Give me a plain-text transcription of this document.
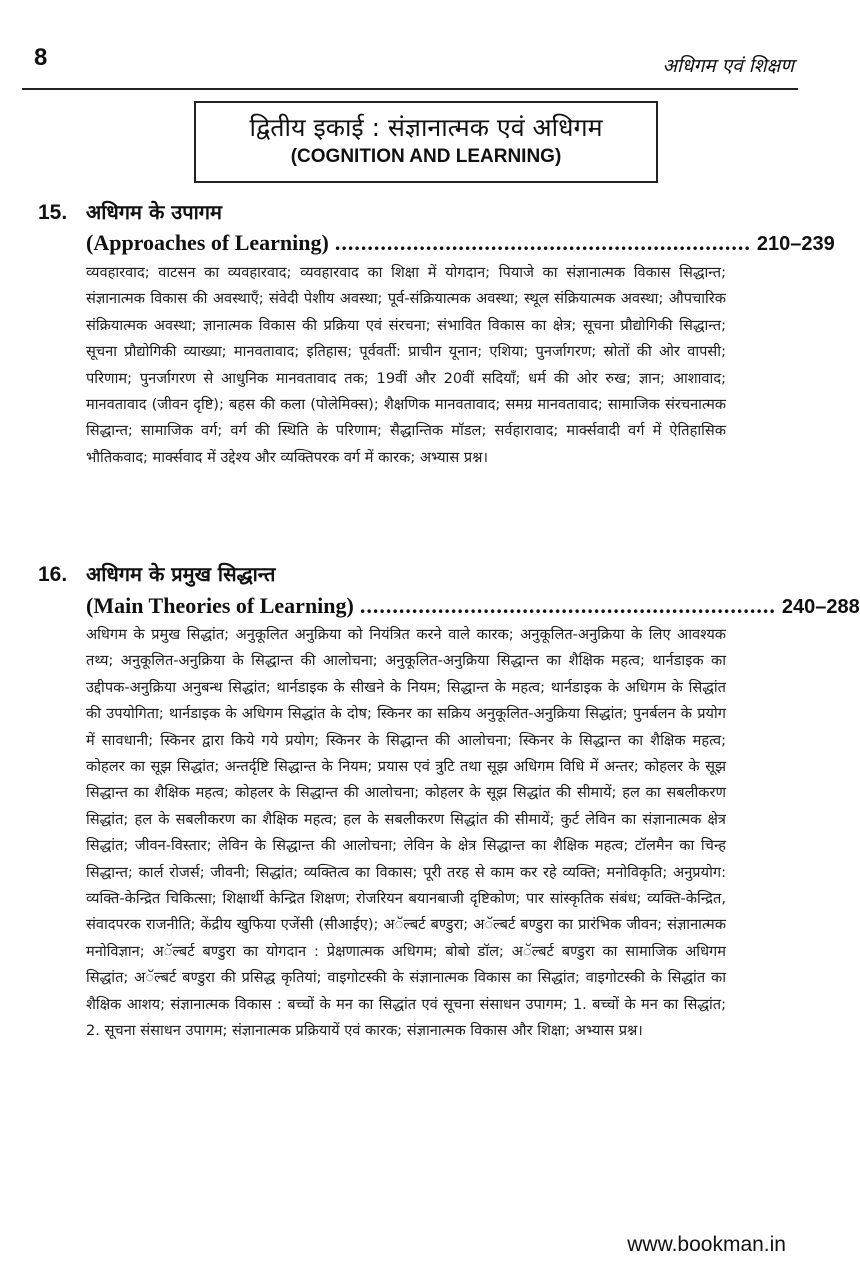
8	अधिगम एवं शिक्षण
द्वितीय इकाई : संज्ञानात्मक एवं अधिगम
(COGNITION AND LEARNING)
15. अधिगम के उपागम
(Approaches of Learning) ................................................................ 210–239
व्यवहारवाद; वाटसन का व्यवहारवाद; व्यवहारवाद का शिक्षा में योगदान; पियाजे का संज्ञानात्मक विकास सिद्धान्त; संज्ञानात्मक विकास की अवस्थाएँ; संवेदी पेशीय अवस्था; पूर्व-संक्रियात्मक अवस्था; स्थूल संक्रियात्मक अवस्था; औपचारिक संक्रियात्मक अवस्था; ज्ञानात्मक विकास की प्रक्रिया एवं संरचना; संभावित विकास का क्षेत्र; सूचना प्रौद्योगिकी सिद्धान्त; सूचना प्रौद्योगिकी व्याख्या; मानवतावाद; इतिहास; पूर्ववर्ती: प्राचीन यूनान; एशिया; पुनर्जागरण; स्रोतों की ओर वापसी; परिणाम; पुनर्जागरण से आधुनिक मानवतावाद तक; 19वीं और 20वीं सदियाँ; धर्म की ओर रुख; ज्ञान; आशावाद; मानवतावाद (जीवन दृष्टि); बहस की कला (पोलेमिक्स); शैक्षणिक मानवतावाद; समग्र मानवतावाद; सामाजिक संरचनात्मक सिद्धान्त; सामाजिक वर्ग; वर्ग की स्थिति के परिणाम; सैद्धान्तिक मॉडल; सर्वहारावाद; मार्क्सवादी वर्ग में ऐतिहासिक भौतिकवाद; मार्क्सवाद में उद्देश्य और व्यक्तिपरक वर्ग में कारक; अभ्यास प्रश्न।
16. अधिगम के प्रमुख सिद्धान्त
(Main Theories of Learning) ................................................................ 240–288
अधिगम के प्रमुख सिद्धांत; अनुकूलित अनुक्रिया को नियंत्रित करने वाले कारक; अनुकूलित-अनुक्रिया के लिए आवश्यक तथ्य; अनुकूलित-अनुक्रिया के सिद्धान्त की आलोचना; अनुकूलित-अनुक्रिया सिद्धान्त का शैक्षिक महत्व; थार्नडाइक का उद्दीपक-अनुक्रिया अनुबन्ध सिद्धांत; थार्नडाइक के सीखने के नियम; सिद्धान्त के महत्व; थार्नडाइक के अधिगम के सिद्धांत की उपयोगिता; थार्नडाइक के अधिगम सिद्धांत के दोष; स्किनर का सक्रिय अनुकूलित-अनुक्रिया सिद्धांत; पुनर्बलन के प्रयोग में सावधानी; स्किनर द्वारा किये गये प्रयोग; स्किनर के सिद्धान्त की आलोचना; स्किनर के सिद्धान्त का शैक्षिक महत्व; कोहलर का सूझ सिद्धांत; अन्तर्दृष्टि सिद्धान्त के नियम; प्रयास एवं त्रुटि तथा सूझ अधिगम विधि में अन्तर; कोहलर के सूझ सिद्धान्त का शैक्षिक महत्व; कोहलर के सिद्धान्त की आलोचना; कोहलर के सूझ सिद्धांत की सीमायें; हल का सबलीकरण सिद्धांत; हल के सबलीकरण का शैक्षिक महत्व; हल के सबलीकरण सिद्धांत की सीमायें; कुर्ट लेविन का संज्ञानात्मक क्षेत्र सिद्धांत; जीवन-विस्तार; लेविन के सिद्धान्त की आलोचना; लेविन के क्षेत्र सिद्धान्त का शैक्षिक महत्व; टॉलमैन का चिन्ह सिद्धान्त; कार्ल रोजर्स; जीवनी; सिद्धांत; व्यक्तित्व का विकास; पूरी तरह से काम कर रहे व्यक्ति; मनोविकृति; अनुप्रयोग: व्यक्ति-केन्द्रित चिकित्सा; शिक्षार्थी केन्द्रित शिक्षण; रोजरियन बयानबाजी दृष्टिकोण; पार सांस्कृतिक संबंध; व्यक्ति-केन्द्रित, संवादपरक राजनीति; केंद्रीय खुफिया एजेंसी (सीआईए); अॅल्बर्ट बण्डुरा; अॅल्बर्ट बण्डुरा का प्रारंभिक जीवन; संज्ञानात्मक मनोविज्ञान; अॅल्बर्ट बण्डुरा का योगदान : प्रेक्षणात्मक अधिगम; बोबो डॉल; अॅल्बर्ट बण्डुरा का सामाजिक अधिगम सिद्धांत; अॅल्बर्ट बण्डुरा की प्रसिद्ध कृतियां; वाइगोटस्की के संज्ञानात्मक विकास का सिद्धांत; वाइगोटस्की के सिद्धांत का शैक्षिक आशय; संज्ञानात्मक विकास : बच्चों के मन का सिद्धांत एवं सूचना संसाधन उपागम; 1. बच्चों के मन का सिद्धांत; 2. सूचना संसाधन उपागम; संज्ञानात्मक प्रक्रियायें एवं कारक; संज्ञानात्मक विकास और शिक्षा; अभ्यास प्रश्न।
www.bookman.in
